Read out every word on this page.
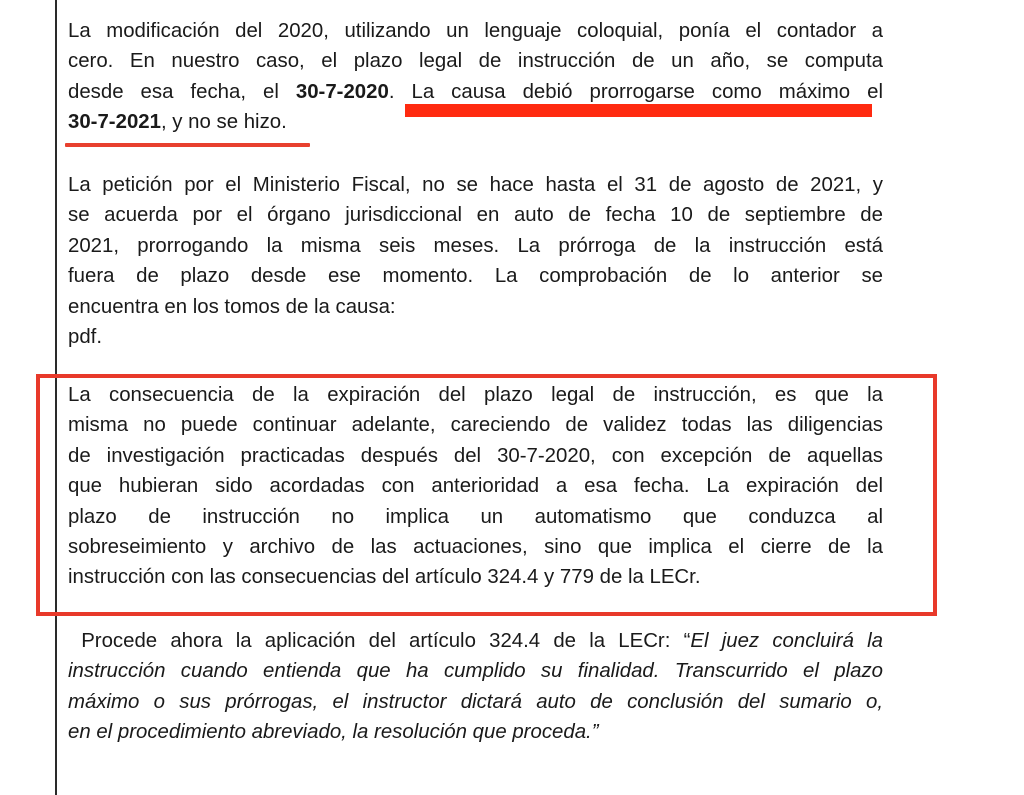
La modificación del 2020, utilizando un lenguaje coloquial, ponía el contador a
cero. En nuestro caso, el plazo legal de instrucción de un año, se computa
desde esa fecha, el 30-7-2020. La causa debió prorrogarse como máximo el
30-7-2021, y no se hizo.
La petición por el Ministerio Fiscal, no se hace hasta el 31 de agosto de 2021, y
se acuerda por el órgano jurisdiccional en auto de fecha 10 de septiembre de
2021, prorrogando la misma seis meses. La prórroga de la instrucción está
fuera de plazo desde ese momento. La comprobación de lo anterior se
encuentra en los tomos de la causa:
pdf.
La consecuencia de la expiración del plazo legal de instrucción, es que la
misma no puede continuar adelante, careciendo de validez todas las diligencias
de investigación practicadas después del 30-7-2020, con excepción de aquellas
que hubieran sido acordadas con anterioridad a esa fecha. La expiración del
plazo de instrucción no implica un automatismo que conduzca al
sobreseimiento y archivo de las actuaciones, sino que implica el cierre de la
instrucción con las consecuencias del artículo 324.4 y 779 de la LECr.
Procede ahora la aplicación del artículo 324.4 de la LECr: “El juez concluirá la
instrucción cuando entienda que ha cumplido su finalidad. Transcurrido el plazo
máximo o sus prórrogas, el instructor dictará auto de conclusión del sumario o,
en el procedimiento abreviado, la resolución que proceda.”
